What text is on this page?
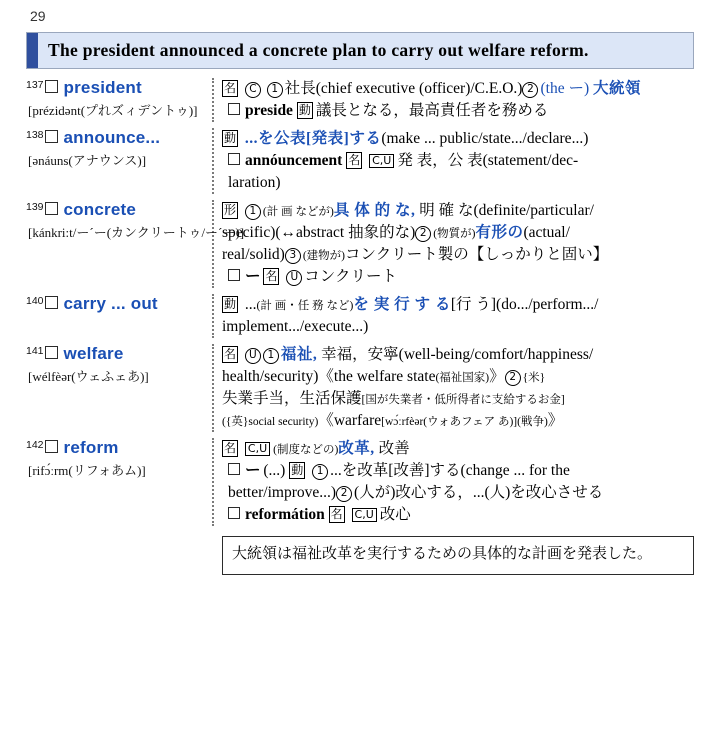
29
The president announced a concrete plan to carry out welfare reform.
137 president
[prézidənt(プれズィデントゥ)]
名 C 1 社長(chief executive (officer)/C.E.O.) 2 (the ー) 大統領
preside 動 議長となる，最高責任者を務める
138 announce...
[ənáuns(アナウンス)]
動 ...を公表[発表]する(make ... public/state.../declare...)
annóuncement 名 C,U 発 表，公 表(statement/dec-
laration)
139 concrete
[kánkri:t/ーˊー(カンクリートゥ/ーˊー)]
形 1 (計 画 などが)具 体 的 な, 明 確 な(definite/particular/
specific)(↔abstract 抽象的な) 2 (物質が)有形の(actual/
real/solid) 3 (建物が)コンクリート製の【しっかりと固い】
ー 名 U コンクリート
140 carry ... out	動 ...(計 画・任 務 など)を 実 行 す る[行 う](do.../perform.../
implement.../execute...)
141 welfare
[wélfèər(ウェふェあ)]
名 U 1 福祉, 幸福，安寧(well-being/comfort/happiness/
health/security)《the welfare state(福祉国家)》 2 {米}
失業手当，生活保護[国が失業者・低所得者に支給するお金]
({英}social security)《warfare[wɔ́ːrfèər(ウォあフェア あ)](戦争)》
142 reform
[rifɔ́ːrm(リフォあム)]
名 C,U (制度などの)改革, 改善
ー (...) 動 1 ...を改革[改善]する(change ... for the
better/improve...) 2 (人が)改心する，...(人)を改心させる
reformátion 名 C,U 改心
大統領は福祉改革を実行するための具体的な計画を発表した。
